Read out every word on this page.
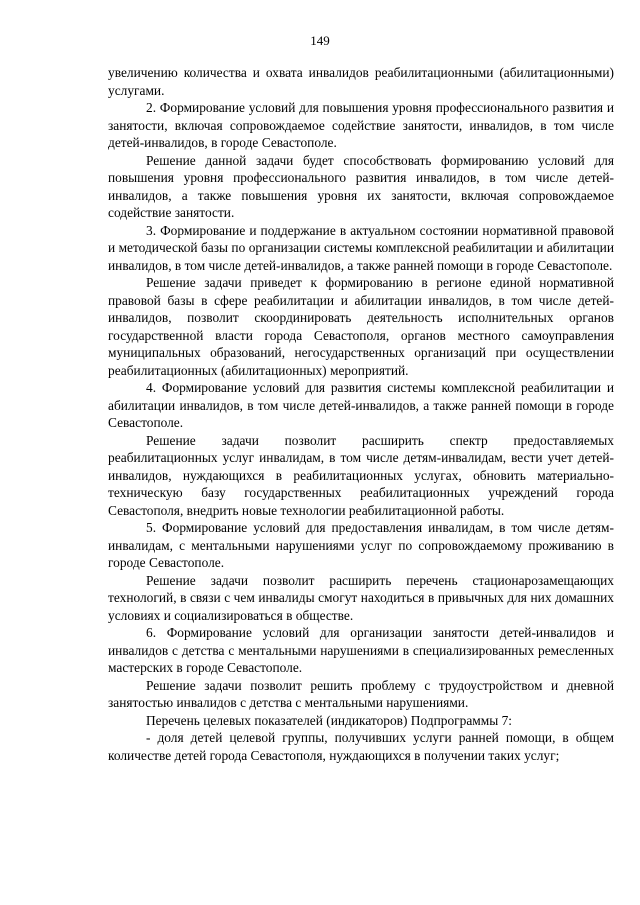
149

увеличению количества и охвата инвалидов реабилитационными (абилитационными) услугами.

2. Формирование условий для повышения уровня профессионального развития и занятости, включая сопровождаемое содействие занятости, инвалидов, в том числе детей-инвалидов, в городе Севастополе.

Решение данной задачи будет способствовать формированию условий для повышения уровня профессионального развития инвалидов, в том числе детей-инвалидов, а также повышения уровня их занятости, включая сопровождаемое содействие занятости.

3. Формирование и поддержание в актуальном состоянии нормативной правовой и методической базы по организации системы комплексной реабилитации и абилитации инвалидов, в том числе детей-инвалидов, а также ранней помощи в городе Севастополе.

Решение задачи приведет к формированию в регионе единой нормативной правовой базы в сфере реабилитации и абилитации инвалидов, в том числе детей-инвалидов, позволит скоординировать деятельность исполнительных органов государственной власти города Севастополя, органов местного самоуправления муниципальных образований, негосударственных организаций при осуществлении реабилитационных (абилитационных) мероприятий.

4. Формирование условий для развития системы комплексной реабилитации и абилитации инвалидов, в том числе детей-инвалидов, а также ранней помощи в городе Севастополе.

Решение задачи позволит расширить спектр предоставляемых реабилитационных услуг инвалидам, в том числе детям-инвалидам, вести учет детей-инвалидов, нуждающихся в реабилитационных услугах, обновить материально-техническую базу государственных реабилитационных учреждений города Севастополя, внедрить новые технологии реабилитационной работы.

5. Формирование условий для предоставления инвалидам, в том числе детям-инвалидам, с ментальными нарушениями услуг по сопровождаемому проживанию в городе Севастополе.

Решение задачи позволит расширить перечень стационарозамещающих технологий, в связи с чем инвалиды смогут находиться в привычных для них домашних условиях и социализироваться в обществе.

6. Формирование условий для организации занятости детей-инвалидов и инвалидов с детства с ментальными нарушениями в специализированных ремесленных мастерских в городе Севастополе.

Решение задачи позволит решить проблему с трудоустройством и дневной занятостью инвалидов с детства с ментальными нарушениями.

Перечень целевых показателей (индикаторов) Подпрограммы 7:

- доля детей целевой группы, получивших услуги ранней помощи, в общем количестве детей города Севастополя, нуждающихся в получении таких услуг;
